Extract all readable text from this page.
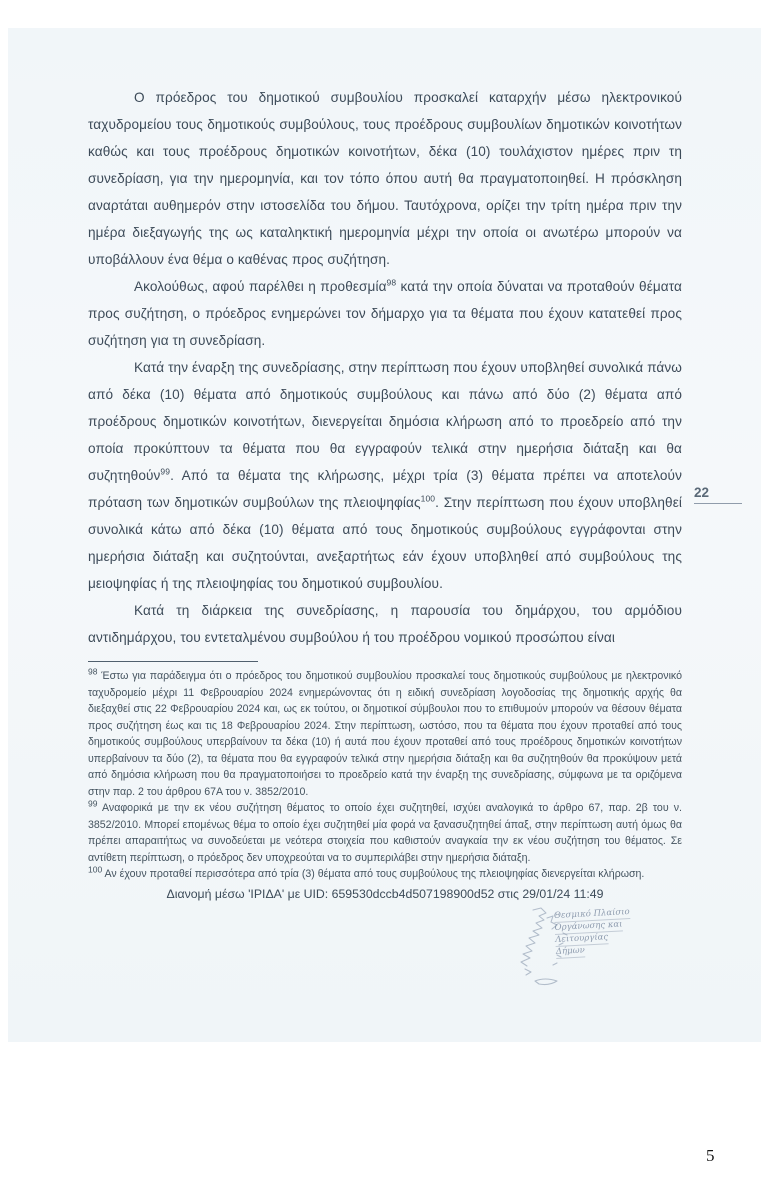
Ο πρόεδρος του δημοτικού συμβουλίου προσκαλεί καταρχήν μέσω ηλεκτρονικού ταχυδρομείου τους δημοτικούς συμβούλους, τους προέδρους συμβουλίων δημοτικών κοινοτήτων καθώς και τους προέδρους δημοτικών κοινοτήτων, δέκα (10) τουλάχιστον ημέρες πριν τη συνεδρίαση, για την ημερομηνία, και τον τόπο όπου αυτή θα πραγματοποιηθεί. Η πρόσκληση αναρτάται αυθημερόν στην ιστοσελίδα του δήμου. Ταυτόχρονα, ορίζει την τρίτη ημέρα πριν την ημέρα διεξαγωγής της ως καταληκτική ημερομηνία μέχρι την οποία οι ανωτέρω μπορούν να υποβάλλουν ένα θέμα ο καθένας προς συζήτηση.

Ακολούθως, αφού παρέλθει η προθεσμία$^{98}$ κατά την οποία δύναται να προταθούν θέματα προς συζήτηση, ο πρόεδρος ενημερώνει τον δήμαρχο για τα θέματα που έχουν κατατεθεί προς συζήτηση για τη συνεδρίαση.

Κατά την έναρξη της συνεδρίασης, στην περίπτωση που έχουν υποβληθεί συνολικά πάνω από δέκα (10) θέματα από δημοτικούς συμβούλους και πάνω από δύο (2) θέματα από προέδρους δημοτικών κοινοτήτων, διενεργείται δημόσια κλήρωση από το προεδρείο από την οποία προκύπτουν τα θέματα που θα εγγραφούν τελικά στην ημερήσια διάταξη και θα συζητηθούν$^{99}$. Από τα θέματα της κλήρωσης, μέχρι τρία (3) θέματα πρέπει να αποτελούν πρόταση των δημοτικών συμβούλων της πλειοψηφίας$^{100}$. Στην περίπτωση που έχουν υποβληθεί συνολικά κάτω από δέκα (10) θέματα από τους δημοτικούς συμβούλους εγγράφονται στην ημερήσια διάταξη και συζητούνται, ανεξαρτήτως εάν έχουν υποβληθεί από συμβούλους της μειοψηφίας ή της πλειοψηφίας του δημοτικού συμβουλίου.

Κατά τη διάρκεια της συνεδρίασης, η παρουσία του δημάρχου, του αρμόδιου αντιδημάρχου, του εντεταλμένου συμβούλου ή του προέδρου νομικού προσώπου είναι

$^{98}$ Έστω για παράδειγμα ότι ο πρόεδρος του δημοτικού συμβουλίου προσκαλεί τους δημοτικούς συμβούλους με ηλεκτρονικό ταχυδρομείο μέχρι 11 Φεβρουαρίου 2024 ενημερώνοντας ότι η ειδική συνεδρίαση λογοδοσίας της δημοτικής αρχής θα διεξαχθεί στις 22 Φεβρουαρίου 2024 και, ως εκ τούτου, οι δημοτικοί σύμβουλοι που το επιθυμούν μπορούν να θέσουν θέματα προς συζήτηση έως και τις 18 Φεβρουαρίου 2024. Στην περίπτωση, ωστόσο, που τα θέματα που έχουν προταθεί από τους δημοτικούς συμβούλους υπερβαίνουν τα δέκα (10) ή αυτά που έχουν προταθεί από τους προέδρους δημοτικών κοινοτήτων υπερβαίνουν τα δύο (2), τα θέματα που θα εγγραφούν τελικά στην ημερήσια διάταξη και θα συζητηθούν θα προκύψουν μετά από δημόσια κλήρωση που θα πραγματοποιήσει το προεδρείο κατά την έναρξη της συνεδρίασης, σύμφωνα με τα οριζόμενα στην παρ. 2 του άρθρου 67Α του ν. 3852/2010.

$^{99}$ Αναφορικά με την εκ νέου συζήτηση θέματος το οποίο έχει συζητηθεί, ισχύει αναλογικά το άρθρο 67, παρ. 2β του ν. 3852/2010. Μπορεί επομένως θέμα το οποίο έχει συζητηθεί μία φορά να ξανασυζητηθεί άπαξ, στην περίπτωση αυτή όμως θα πρέπει απαραιτήτως να συνοδεύεται με νεότερα στοιχεία που καθιστούν αναγκαία την εκ νέου συζήτηση του θέματος. Σε αντίθετη περίπτωση, ο πρόεδρος δεν υποχρεούται να το συμπεριλάβει στην ημερήσια διάταξη.

$^{100}$ Αν έχουν προταθεί περισσότερα από τρία (3) θέματα από τους συμβούλους της πλειοψηφίας διενεργείται κλήρωση.

Διανομή μέσω 'ΙΡΙΔΑ' με UID: 659530dccb4d507198900d52 στις 29/01/24 11:49

Θεσμικό Πλαίσιο
Οργάνωσης και
Λειτουργίας
Δήμων
22
5
